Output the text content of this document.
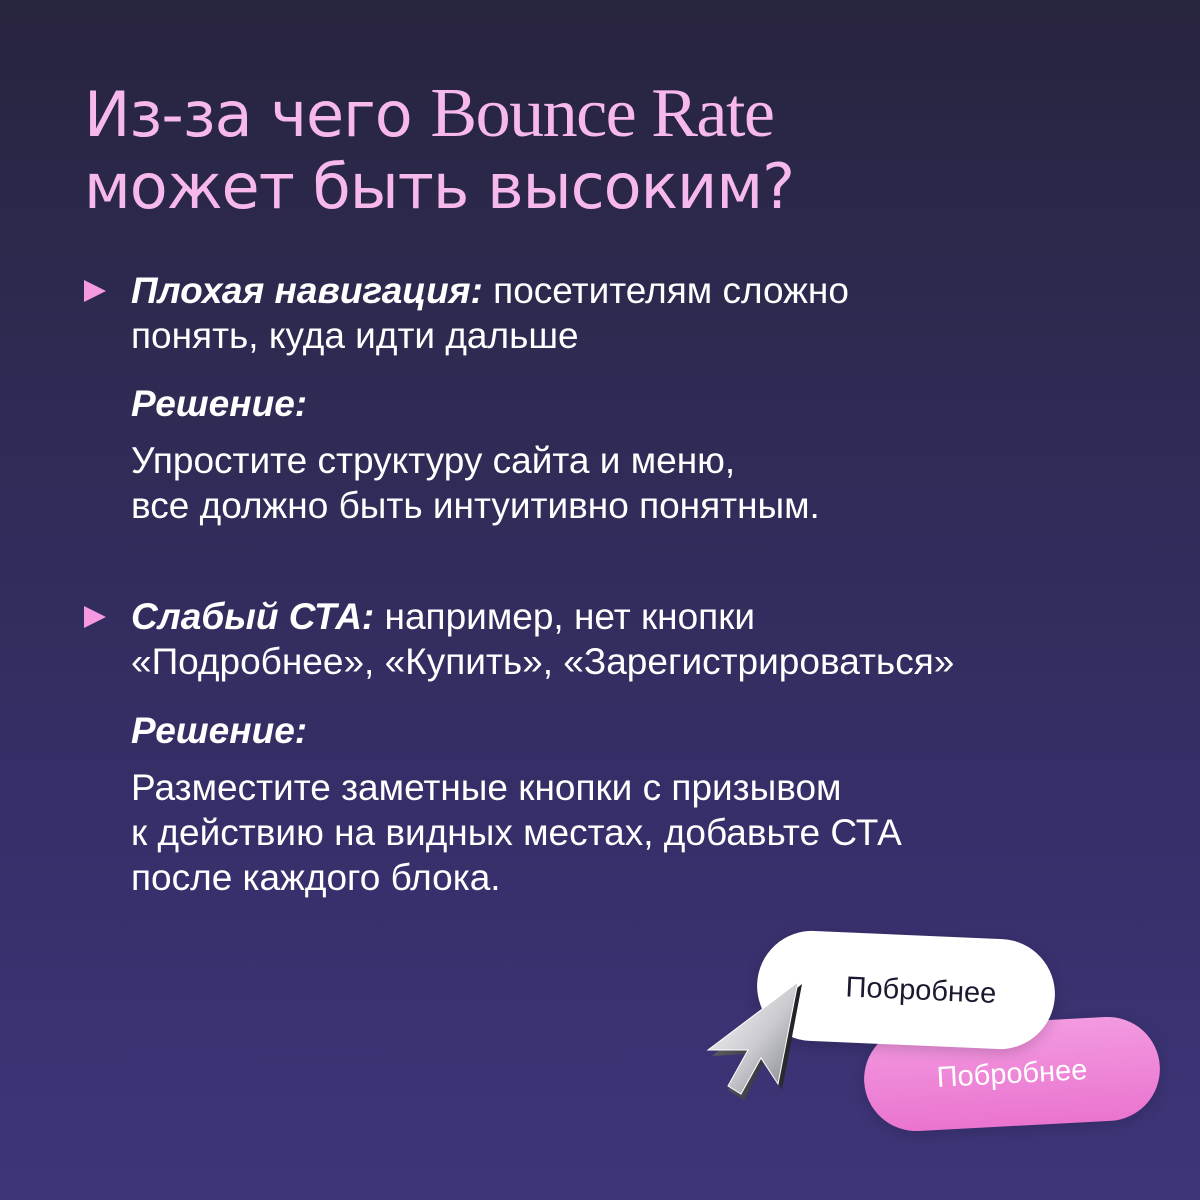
Из-за чего Bounce Rate
может быть высоким?
Плохая навигация: посетителям сложно
понять, куда идти дальше
Решение:
Упростите структуру сайта и меню,
все должно быть интуитивно понятным.
Слабый СТА: например, нет кнопки
«Подробнее», «Купить», «Зарегистрироваться»
Решение:
Разместите заметные кнопки с призывом
к действию на видных местах, добавьте СТА
после каждого блока.
Побробнее
Побробнее
